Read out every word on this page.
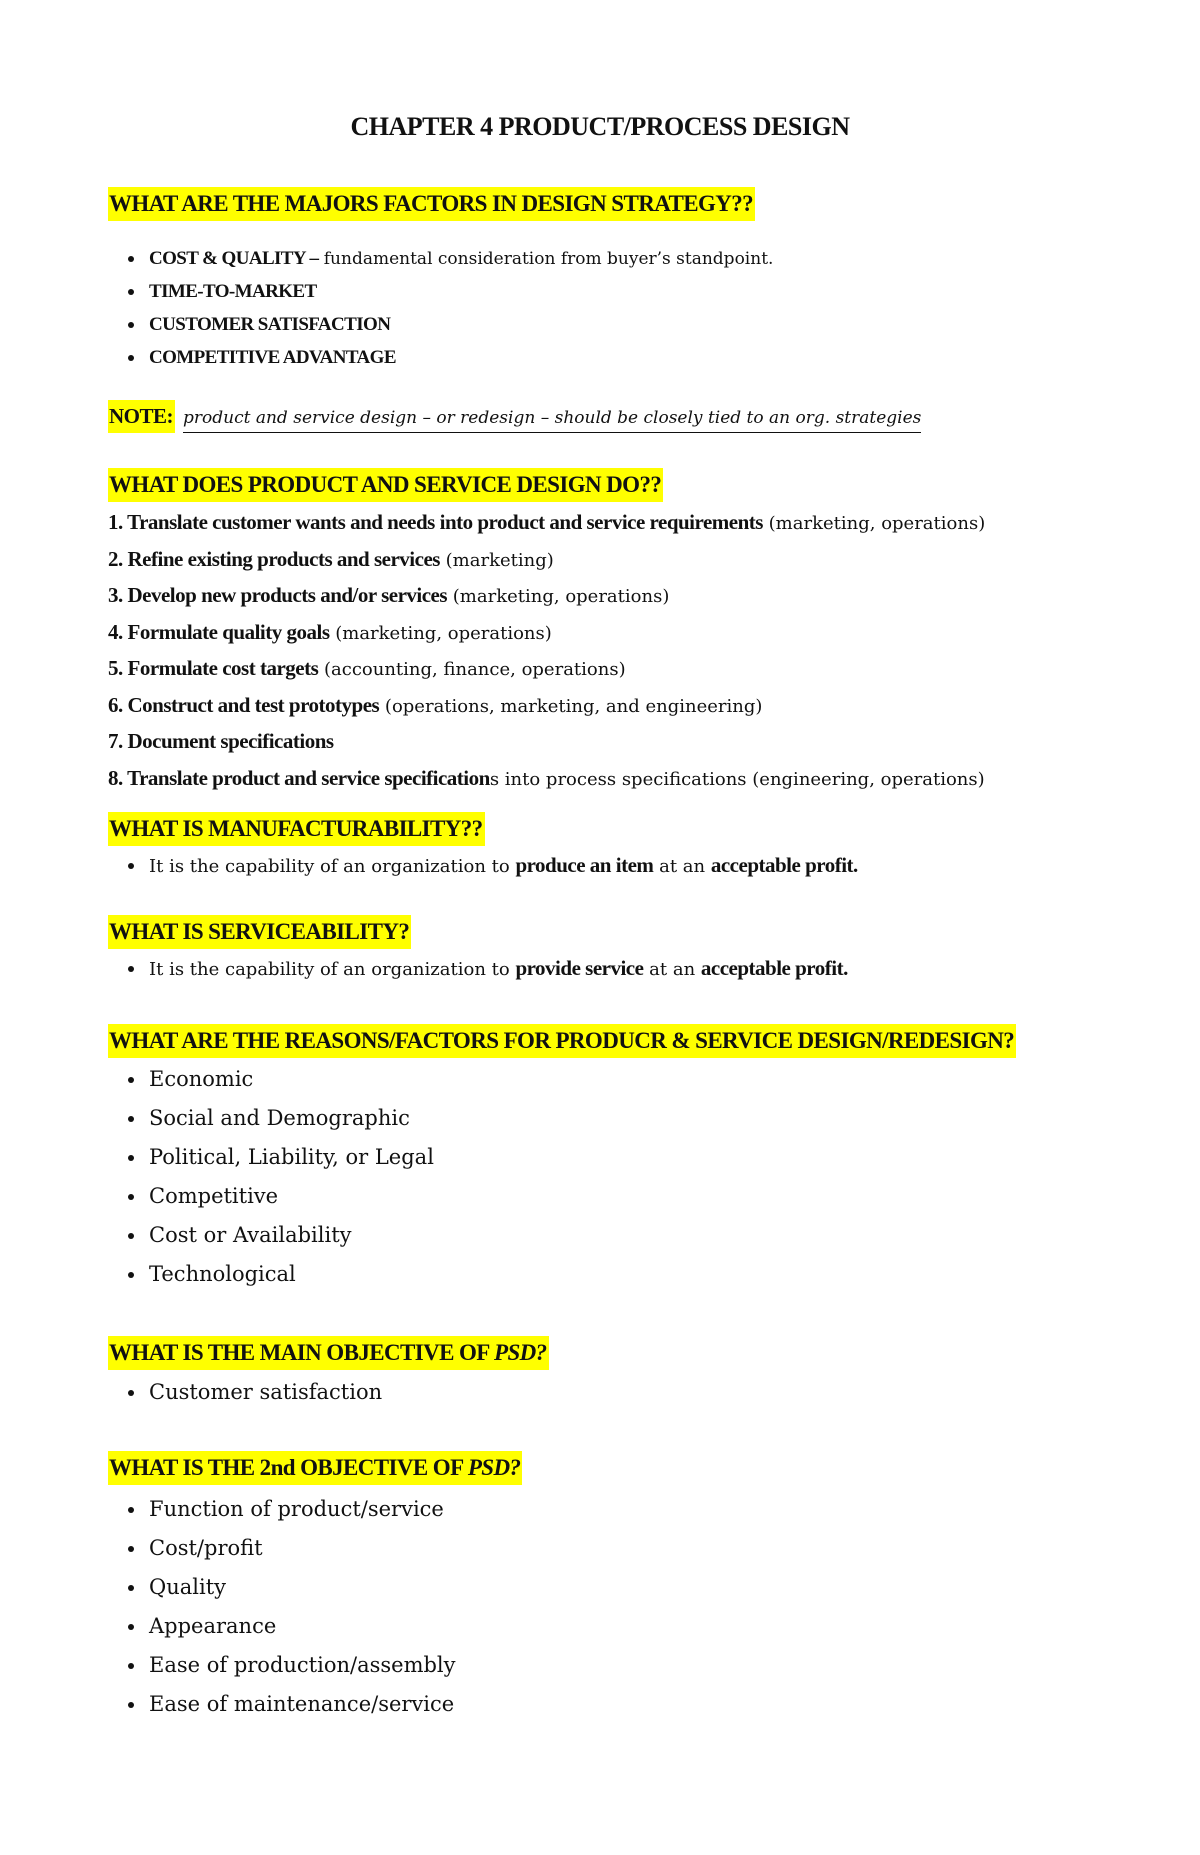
CHAPTER 4 PRODUCT/PROCESS DESIGN
WHAT ARE THE MAJORS FACTORS IN DESIGN STRATEGY??
COST & QUALITY – fundamental consideration from buyer’s standpoint.
TIME-TO-MARKET
CUSTOMER SATISFACTION
COMPETITIVE ADVANTAGE
NOTE: product and service design – or redesign – should be closely tied to an org. strategies
WHAT DOES PRODUCT AND SERVICE DESIGN DO??
1. Translate customer wants and needs into product and service requirements (marketing, operations)
2. Refine existing products and services (marketing)
3. Develop new products and/or services (marketing, operations)
4. Formulate quality goals (marketing, operations)
5. Formulate cost targets (accounting, finance, operations)
6. Construct and test prototypes (operations, marketing, and engineering)
7. Document specifications
8. Translate product and service specifications into process specifications (engineering, operations)
WHAT IS MANUFACTURABILITY??
It is the capability of an organization to produce an item at an acceptable profit.
WHAT IS SERVICEABILITY?
It is the capability of an organization to provide service at an acceptable profit.
WHAT ARE THE REASONS/FACTORS FOR PRODUCR & SERVICE DESIGN/REDESIGN?
Economic
Social and Demographic
Political, Liability, or Legal
Competitive
Cost or Availability
Technological
WHAT IS THE MAIN OBJECTIVE OF PSD?
Customer satisfaction
WHAT IS THE 2nd OBJECTIVE OF PSD?
Function of product/service
Cost/profit
Quality
Appearance
Ease of production/assembly
Ease of maintenance/service
